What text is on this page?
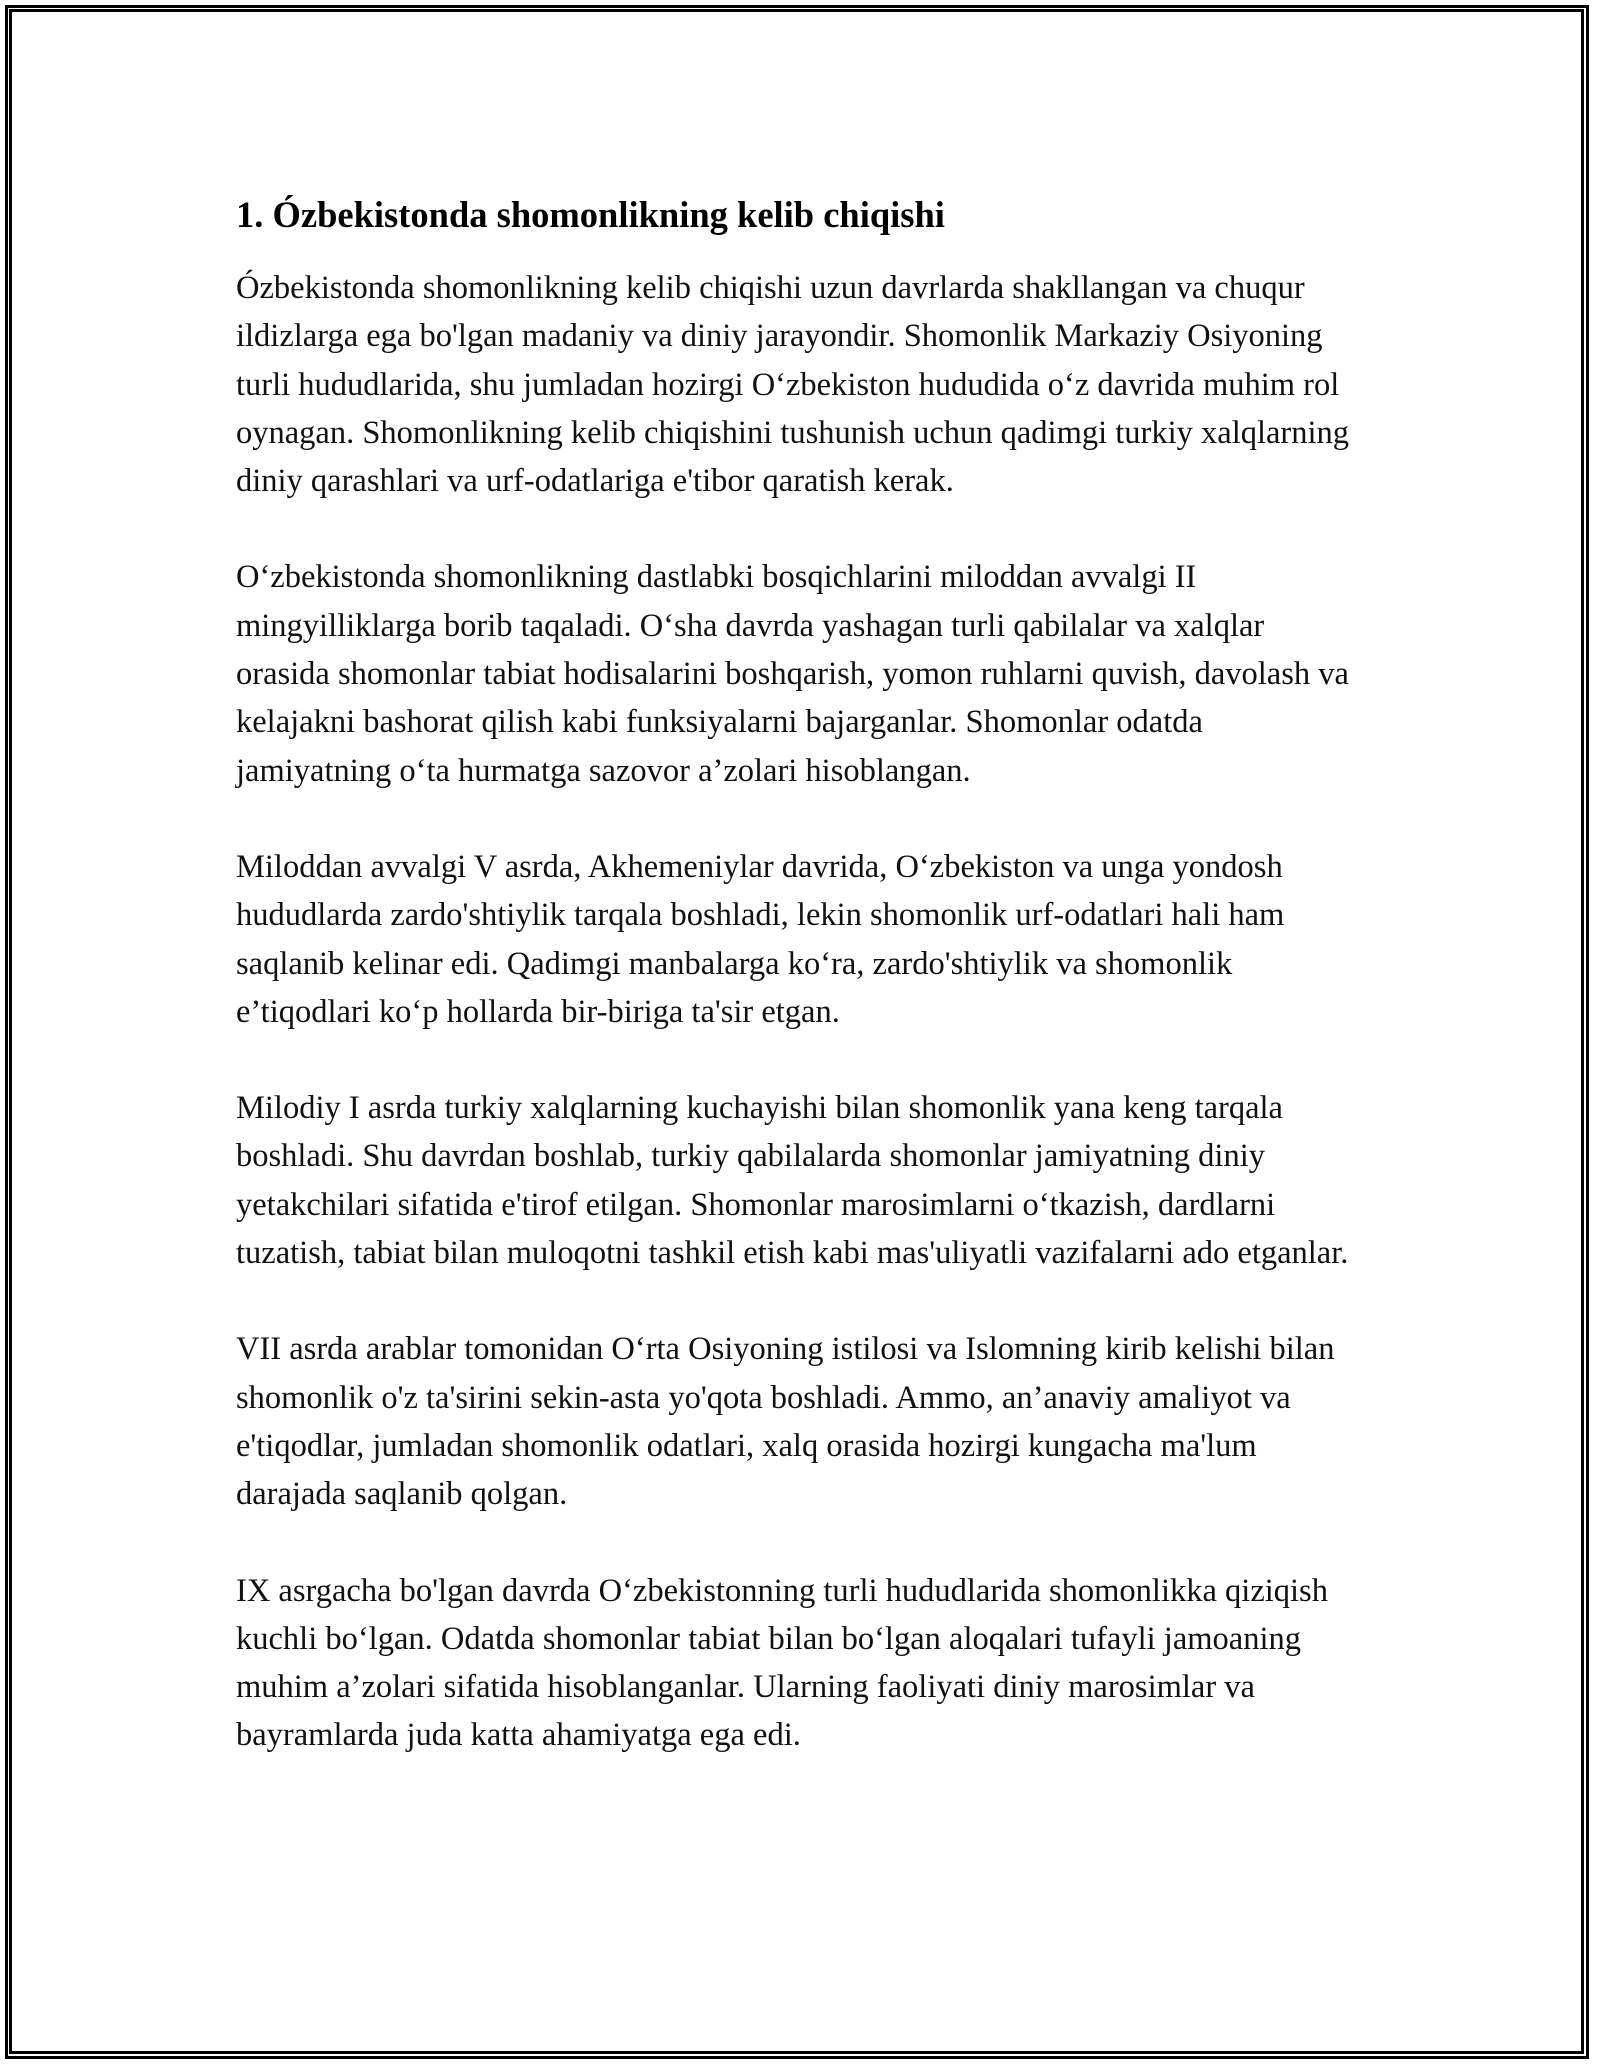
1. Ózbekistonda shomonlikning kelib chiqishi

Ózbekistonda shomonlikning kelib chiqishi uzun davrlarda shakllangan va chuqur ildizlarga ega bo'lgan madaniy va diniy jarayondir. Shomonlik Markaziy Osiyoning turli hududlarida, shu jumladan hozirgi O‘zbekiston hududida o‘z davrida muhim rol oynagan. Shomonlikning kelib chiqishini tushunish uchun qadimgi turkiy xalqlarning diniy qarashlari va urf-odatlariga e'tibor qaratish kerak.

O‘zbekistonda shomonlikning dastlabki bosqichlarini miloddan avvalgi II mingyilliklarga borib taqaladi. O‘sha davrda yashagan turli qabilalar va xalqlar orasida shomonlar tabiat hodisalarini boshqarish, yomon ruhlarni quvish, davolash va kelajakni bashorat qilish kabi funksiyalarni bajarganlar. Shomonlar odatda jamiyatning o‘ta hurmatga sazovor a’zolari hisoblangan.

Miloddan avvalgi V asrda, Akhemeniylar davrida, O‘zbekiston va unga yondosh hududlarda zardo'shtiylik tarqala boshladi, lekin shomonlik urf-odatlari hali ham saqlanib kelinar edi. Qadimgi manbalarga ko‘ra, zardo'shtiylik va shomonlik e’tiqodlari ko‘p hollarda bir-biriga ta'sir etgan.

Milodiy I asrda turkiy xalqlarning kuchayishi bilan shomonlik yana keng tarqala boshladi. Shu davrdan boshlab, turkiy qabilalarda shomonlar jamiyatning diniy yetakchilari sifatida e'tirof etilgan. Shomonlar marosimlarni o‘tkazish, dardlarni tuzatish, tabiat bilan muloqotni tashkil etish kabi mas'uliyatli vazifalarni ado etganlar.

VII asrda arablar tomonidan O‘rta Osiyoning istilosi va Islomning kirib kelishi bilan shomonlik o'z ta'sirini sekin-asta yo'qota boshladi. Ammo, an’anaviy amaliyot va e'tiqodlar, jumladan shomonlik odatlari, xalq orasida hozirgi kungacha ma'lum darajada saqlanib qolgan.

IX asrgacha bo'lgan davrda O‘zbekistonning turli hududlarida shomonlikka qiziqish kuchli bo‘lgan. Odatda shomonlar tabiat bilan bo‘lgan aloqalari tufayli jamoaning muhim a’zolari sifatida hisoblanganlar. Ularning faoliyati diniy marosimlar va bayramlarda juda katta ahamiyatga ega edi.
